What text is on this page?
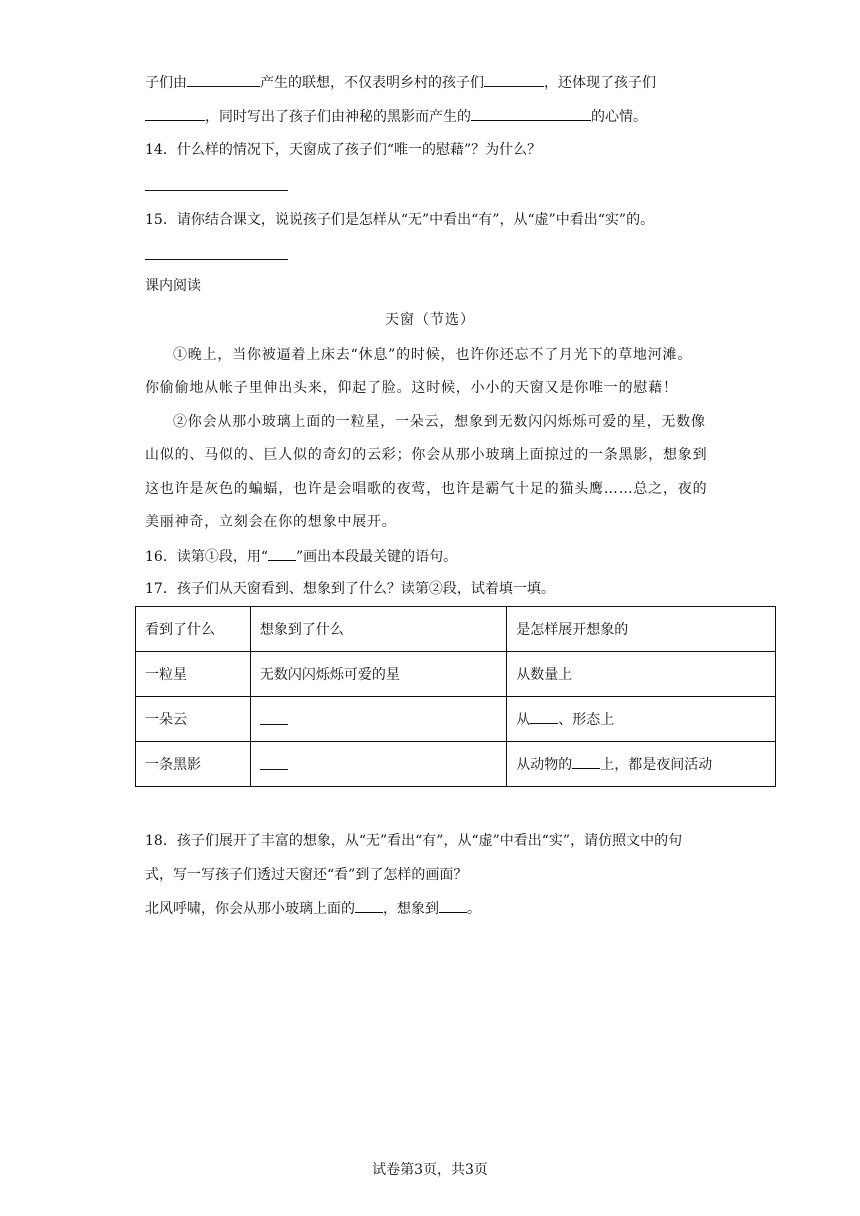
子们由	产生的联想，不仅表明乡村的孩子们	，还体现了孩子们
，同时写出了孩子们由神秘的黑影而产生的	的心情。
14．什么样的情况下，天窗成了孩子们“唯一的慰藉”？为什么？
15．请你结合课文，说说孩子们是怎样从“无”中看出“有”，从“虚”中看出“实”的。
课内阅读
天窗（节选）
①晚上，当你被逼着上床去“休息”的时候，也许你还忘不了月光下的草地河滩。
你偷偷地从帐子里伸出头来，仰起了脸。这时候，小小的天窗又是你唯一的慰藉！
②你会从那小玻璃上面的一粒星，一朵云，想象到无数闪闪烁烁可爱的星，无数像
山似的、马似的、巨人似的奇幻的云彩；你会从那小玻璃上面掠过的一条黑影，想象到
这也许是灰色的蝙蝠，也许是会唱歌的夜莺，也许是霸气十足的猫头鹰……总之，夜的
美丽神奇，立刻会在你的想象中展开。
16．读第①段，用“ ”画出本段最关键的语句。
17．孩子们从天窗看到、想象到了什么？读第②段，试着填一填。
看到了什么	想象到了什么	是怎样展开想象的
一粒星	无数闪闪烁烁可爱的星	从数量上
一朵云		从 、形态上
一条黑影		从动物的 上，都是夜间活动
18．孩子们展开了丰富的想象，从“无”看出“有”，从“虚”中看出“实”，请仿照文中的句
式，写一写孩子们透过天窗还“看”到了怎样的画面？
北风呼啸，你会从那小玻璃上面的 ，想象到 。
试卷第3页，共3页
